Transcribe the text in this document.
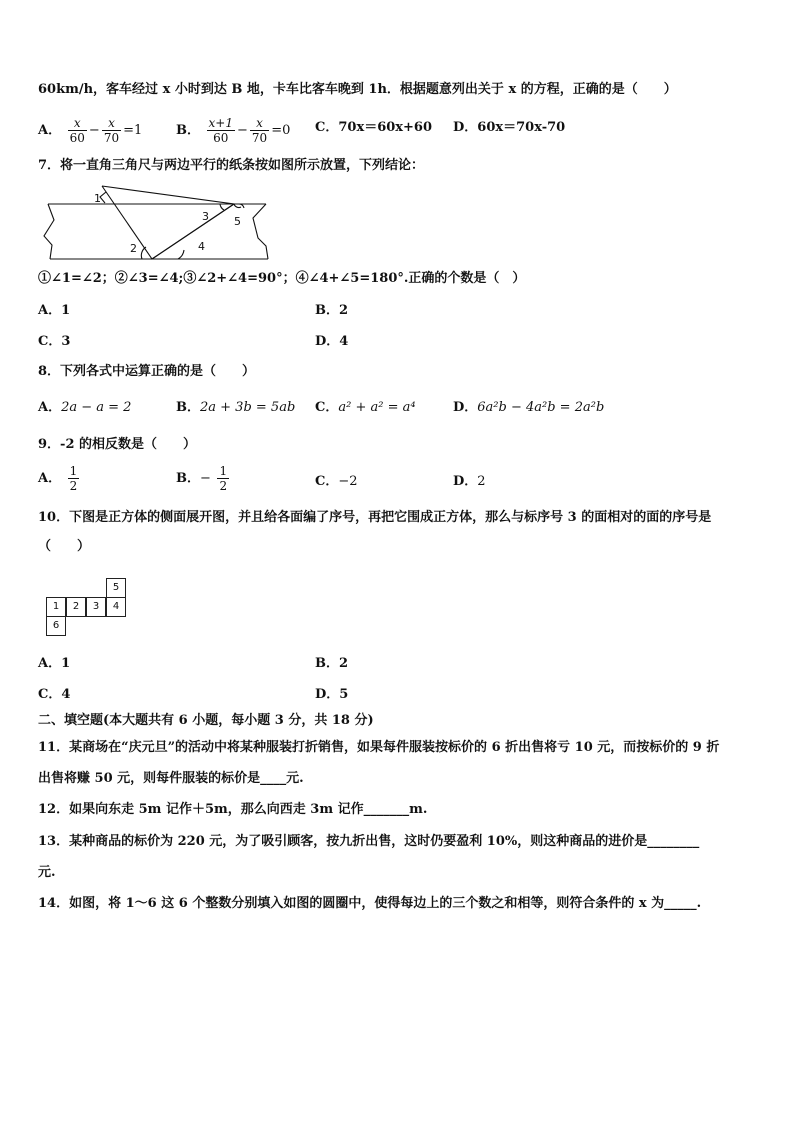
60km/h，客车经过 x 小时到达 B 地，卡车比客车晚到 1h．根据题意列出关于 x 的方程，正确的是（　　）
A． $\frac{x}{60} - \frac{x}{70} =1$	B． $\frac{x+1}{60} - \frac{x}{70} =0$ C．70x＝60x+60 D．60x＝70x-70
7．将一直角三角尺与两边平行的纸条按如图所示放置，下列结论：
1
2
3
4
5
①∠1=∠2；②∠3=∠4;③∠2+∠4=90°；④∠4+∠5=180°.正确的个数是（　）
A．1	B．2
C．3	D．4
8．下列各式中运算正确的是（　　）
A．2a − a = 2	B．2a + 3b = 5ab C．a² + a² = a⁴	D．6a²b − 4a²b = 2a²b
9．-2 的相反数是（　　）
A． $\frac{1}{2}$	B．− $\frac{1}{2}$	C．−2	D．2
10．下图是正方体的侧面展开图，并且给各面编了序号，再把它围成正方体，那么与标序号 3 的面相对的面的序号是
（　　）
5
1	2	3	4
6
A．1	B．2
C．4	D．5
二、填空题(本大题共有 6 小题，每小题 3 分，共 18 分)
11．某商场在“庆元旦”的活动中将某种服装打折销售，如果每件服装按标价的 6 折出售将亏 10 元，而按标价的 9 折
出售将赚 50 元，则每件服装的标价是____元.
12．如果向东走 5m 记作＋5m，那么向西走 3m 记作_______m.
13．某种商品的标价为 220 元，为了吸引顾客，按九折出售，这时仍要盈利 10%，则这种商品的进价是________
元.
14．如图，将 1～6 这 6 个整数分别填入如图的圆圈中，使得每边上的三个数之和相等，则符合条件的 x 为_____.
